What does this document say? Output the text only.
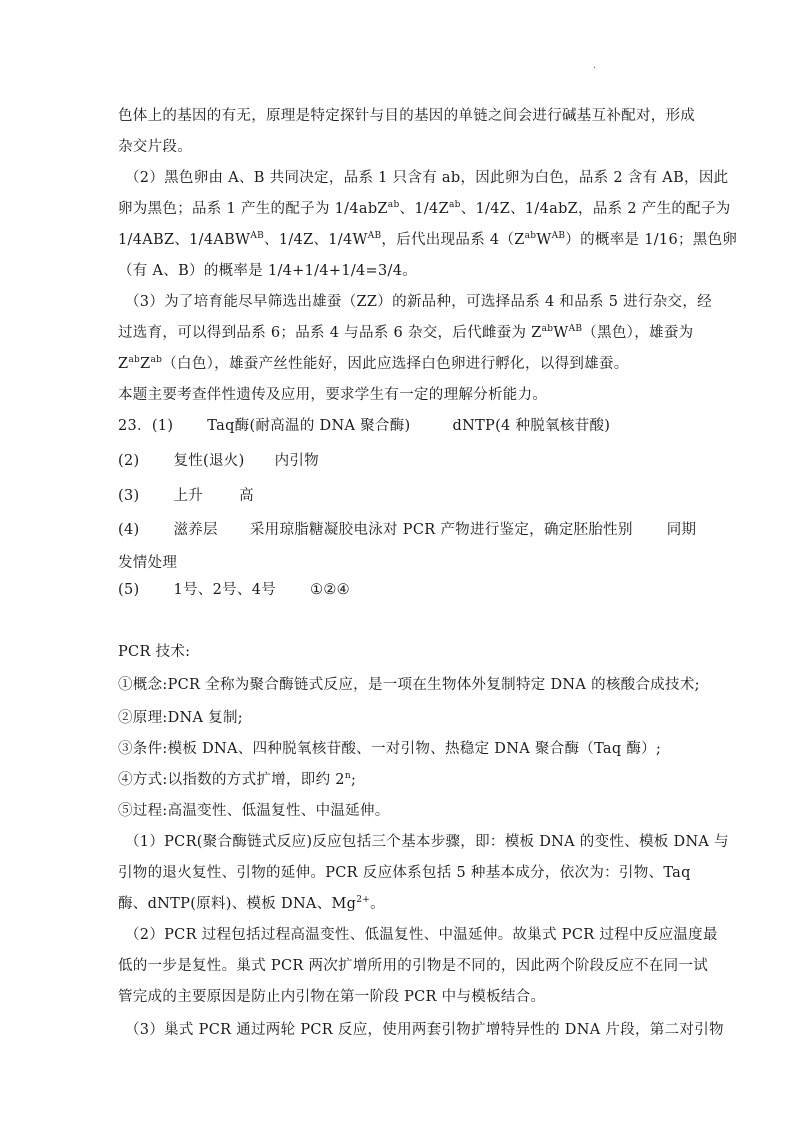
.
色体上的基因的有无，原理是特定探针与目的基因的单链之间会进行碱基互补配对，形成
杂交片段。
（2）黑色卵由 A、B 共同决定，品系 1 只含有 ab，因此卵为白色，品系 2 含有 AB，因此
卵为黑色；品系 1 产生的配子为 1/4abZ$^{ab}$、$1/4Z^{ab}$、1/4Z、1/4abZ，品系 2 产生的配子为
1/4ABZ、$1/4ABW^{AB}$、1/4Z、$1/4W^{AB}$，后代出现品系 $4(Z^{ab}W^{AB})$的概率是 1/16；黑色卵
（有 A、B）的概率是 1/4+1/4+1/4=3/4。
（3）为了培育能尽早筛选出雄蚕（ZZ）的新品种，可选择品系 4 和品系 5 进行杂交，经
过选育，可以得到品系 6；品系 4 与品系 6 杂交，后代雌蚕为 $Z^{ab}W^{AB}$（黑色），雄蚕为
$Z^{ab}Z^{ab}$（白色），雄蚕产丝性能好，因此应选择白色卵进行孵化，以得到雄蚕。
本题主要考查伴性遗传及应用，要求学生有一定的理解分析能力。
23．(1) Taq酶(耐高温的 DNA 聚合酶)	dNTP(4 种脱氧核苷酸)
(2) 复性(退火) 内引物
(3) 上升 高
(4) 滋养层 采用琼脂糖凝胶电泳对 PCR 产物进行鉴定，确定胚胎性别 同期
发情处理
(5) 1号、2号、4号 ①②④
PCR 技术:
①概念:PCR 全称为聚合酶链式反应，是一项在生物体外复制特定 DNA 的核酸合成技术;
②原理:DNA 复制;
③条件:模板 DNA、四种脱氧核苷酸、一对引物、热稳定 DNA 聚合酶（Taq 酶）;
④方式:以指数的方式扩增，即约 2$^n$;
⑤过程:高温变性、低温复性、中温延伸。
（1）PCR(聚合酶链式反应)反应包括三个基本步骤，即：模板 DNA 的变性、模板 DNA 与
引物的退火复性、引物的延伸。PCR 反应体系包括 5 种基本成分，依次为：引物、Taq
酶、dNTP(原料)、模板 DNA、$Mg^{2+}$。
（2）PCR 过程包括过程高温变性、低温复性、中温延伸。故巢式 PCR 过程中反应温度最
低的一步是复性。巢式 PCR 两次扩增所用的引物是不同的，因此两个阶段反应不在同一试
管完成的主要原因是防止内引物在第一阶段 PCR 中与模板结合。
（3）巢式 PCR 通过两轮 PCR 反应，使用两套引物扩增特异性的 DNA 片段，第二对引物
